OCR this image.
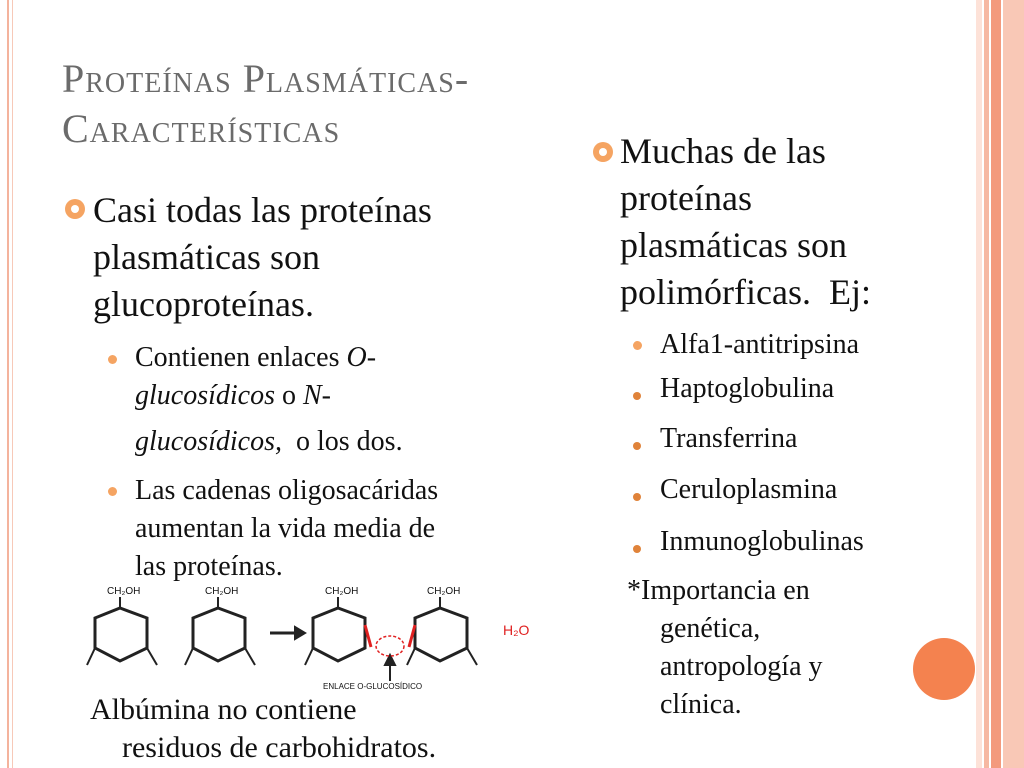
Proteínas Plasmáticas-
Características
Casi todas las proteínas
plasmáticas son
glucoproteínas.
Contienen enlaces O-
glucosídicos o N-
glucosídicos,  o los dos.
Las cadenas oligosacáridas
aumentan la vida media de
las proteínas.
CH₂OH	CH₂OH	CH₂OH	CH₂OH
H₂O
ENLACE O-GLUCOSÍDICO
Albúmina no contiene
residuos de carbohidratos.
Muchas de las
proteínas
plasmáticas son
polimórficas.  Ej:
Alfa1-antitripsina
Haptoglobulina
Transferrina
Ceruloplasmina
Inmunoglobulinas
*Importancia en
genética,
antropología y
clínica.
